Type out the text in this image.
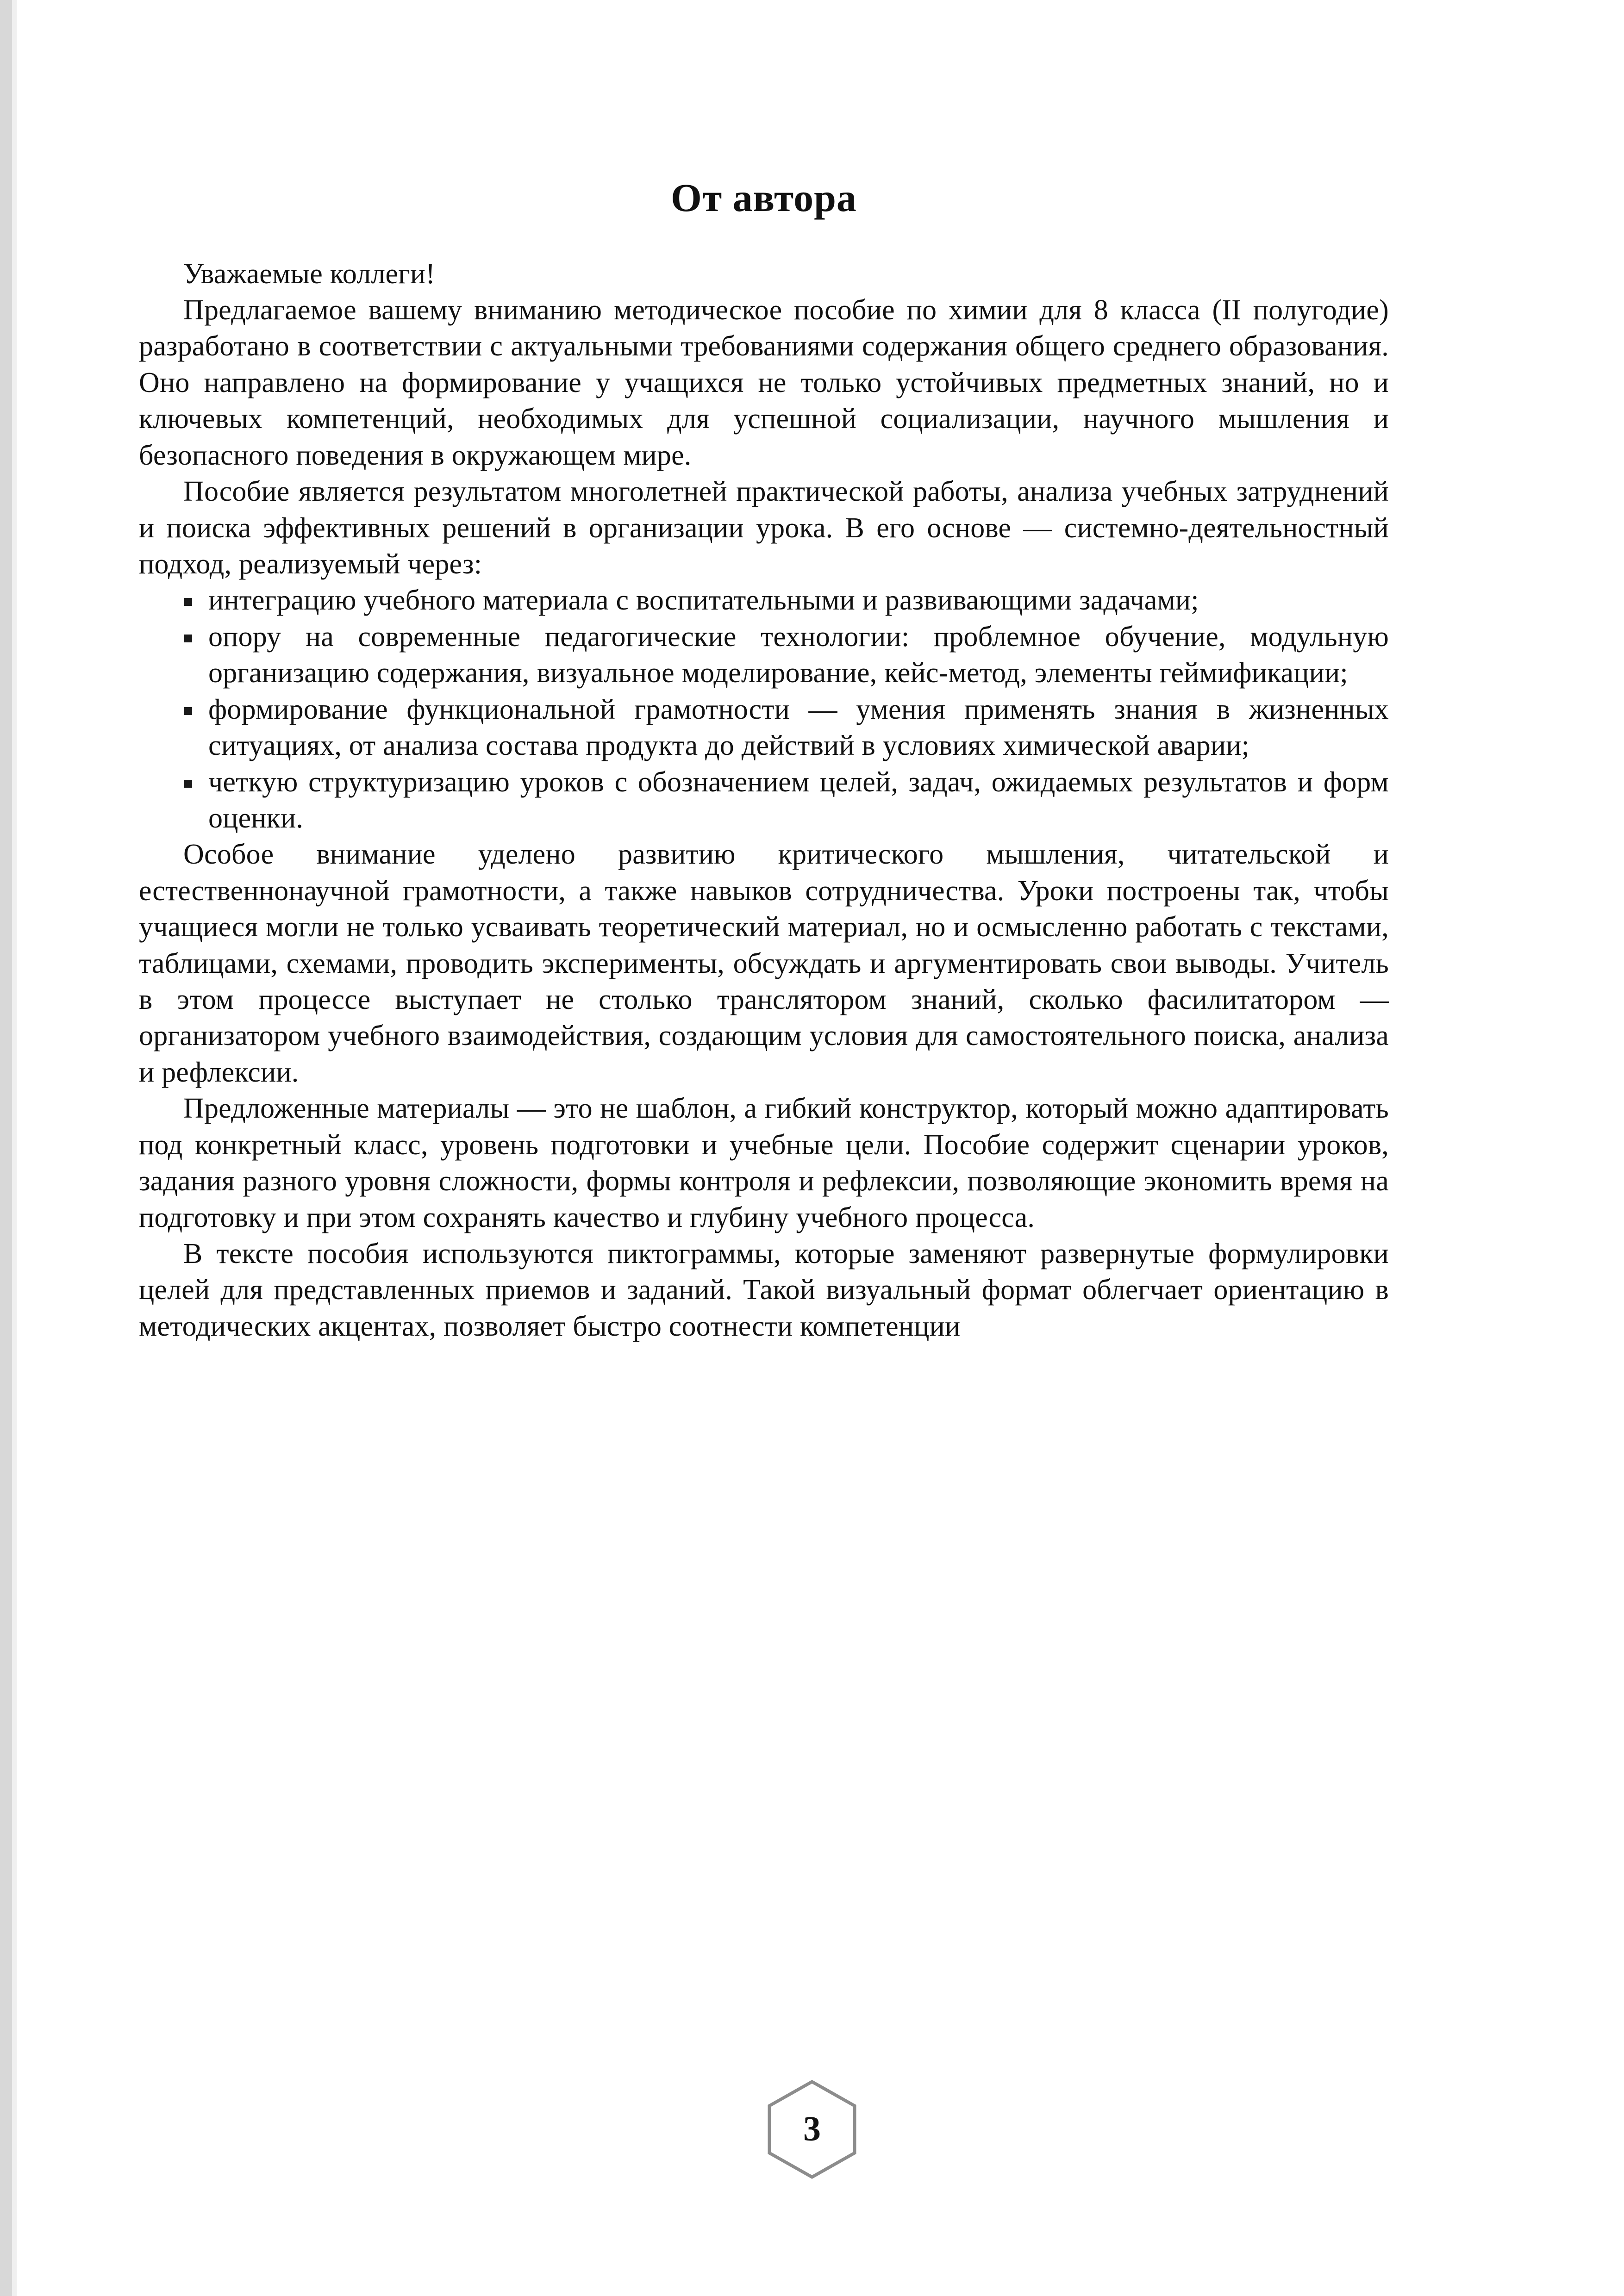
От автора

Уважаемые коллеги!

Предлагаемое вашему вниманию методическое пособие по химии для 8 класса (II полугодие) разработано в соответствии с актуальными требованиями содержания общего среднего образования. Оно направлено на формирование у учащихся не только устойчивых предметных знаний, но и ключевых компетенций, необходимых для успешной социализации, научного мышления и безопасного поведения в окружающем мире.

Пособие является результатом многолетней практической работы, анализа учебных затруднений и поиска эффективных решений в организации урока. В его основе — системно-деятельностный подход, реализуемый через:

интеграцию учебного материала с воспитательными и развивающими задачами;
опору на современные педагогические технологии: проблемное обучение, модульную организацию содержания, визуальное моделирование, кейс-метод, элементы геймификации;
формирование функциональной грамотности — умения применять знания в жизненных ситуациях, от анализа состава продукта до действий в условиях химической аварии;
четкую структуризацию уроков с обозначением целей, задач, ожидаемых результатов и форм оценки.

Особое внимание уделено развитию критического мышления, читательской и естественнонаучной грамотности, а также навыков сотрудничества. Уроки построены так, чтобы учащиеся могли не только усваивать теоретический материал, но и осмысленно работать с текстами, таблицами, схемами, проводить эксперименты, обсуждать и аргументировать свои выводы. Учитель в этом процессе выступает не столько транслятором знаний, сколько фасилитатором — организатором учебного взаимодействия, создающим условия для самостоятельного поиска, анализа и рефлексии.

Предложенные материалы — это не шаблон, а гибкий конструктор, который можно адаптировать под конкретный класс, уровень подготовки и учебные цели. Пособие содержит сценарии уроков, задания разного уровня сложности, формы контроля и рефлексии, позволяющие экономить время на подготовку и при этом сохранять качество и глубину учебного процесса.

В тексте пособия используются пиктограммы, которые заменяют развернутые формулировки целей для представленных приемов и заданий. Такой визуальный формат облегчает ориентацию в методических акцентах, позволяет быстро соотнести компетенции

3
